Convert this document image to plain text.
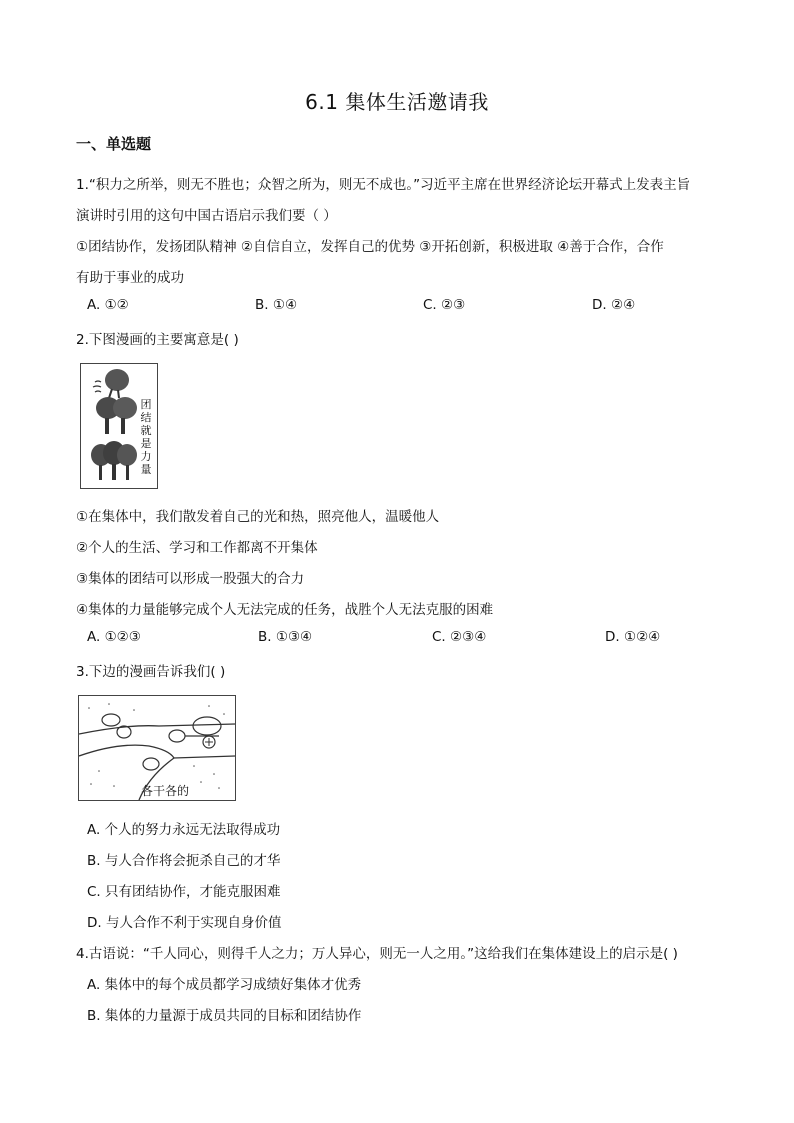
6.1 集体生活邀请我
一、单选题
1.“积力之所举，则无不胜也；众智之所为，则无不成也。”习近平主席在世界经济论坛开幕式上发表主旨
演讲时引用的这句中国古语启示我们要（ ）
①团结协作，发扬团队精神 ②自信自立，发挥自己的优势 ③开拓创新，积极进取 ④善于合作，合作
有助于事业的成功
A. ①②	B. ①④	C. ②③	D. ②④
2.下图漫画的主要寓意是( )
团结就是力量
①在集体中，我们散发着自己的光和热，照亮他人，温暖他人
②个人的生活、学习和工作都离不开集体
③集体的团结可以形成一股强大的合力
④集体的力量能够完成个人无法完成的任务，战胜个人无法克服的困难
A. ①②③	B. ①③④	C. ②③④	D. ①②④
3.下边的漫画告诉我们( )
各干各的
A. 个人的努力永远无法取得成功
B. 与人合作将会扼杀自己的才华
C. 只有团结协作，才能克服困难
D. 与人合作不利于实现自身价值
4.古语说：“千人同心，则得千人之力；万人异心，则无一人之用。”这给我们在集体建设上的启示是( )
A. 集体中的每个成员都学习成绩好集体才优秀
B. 集体的力量源于成员共同的目标和团结协作
